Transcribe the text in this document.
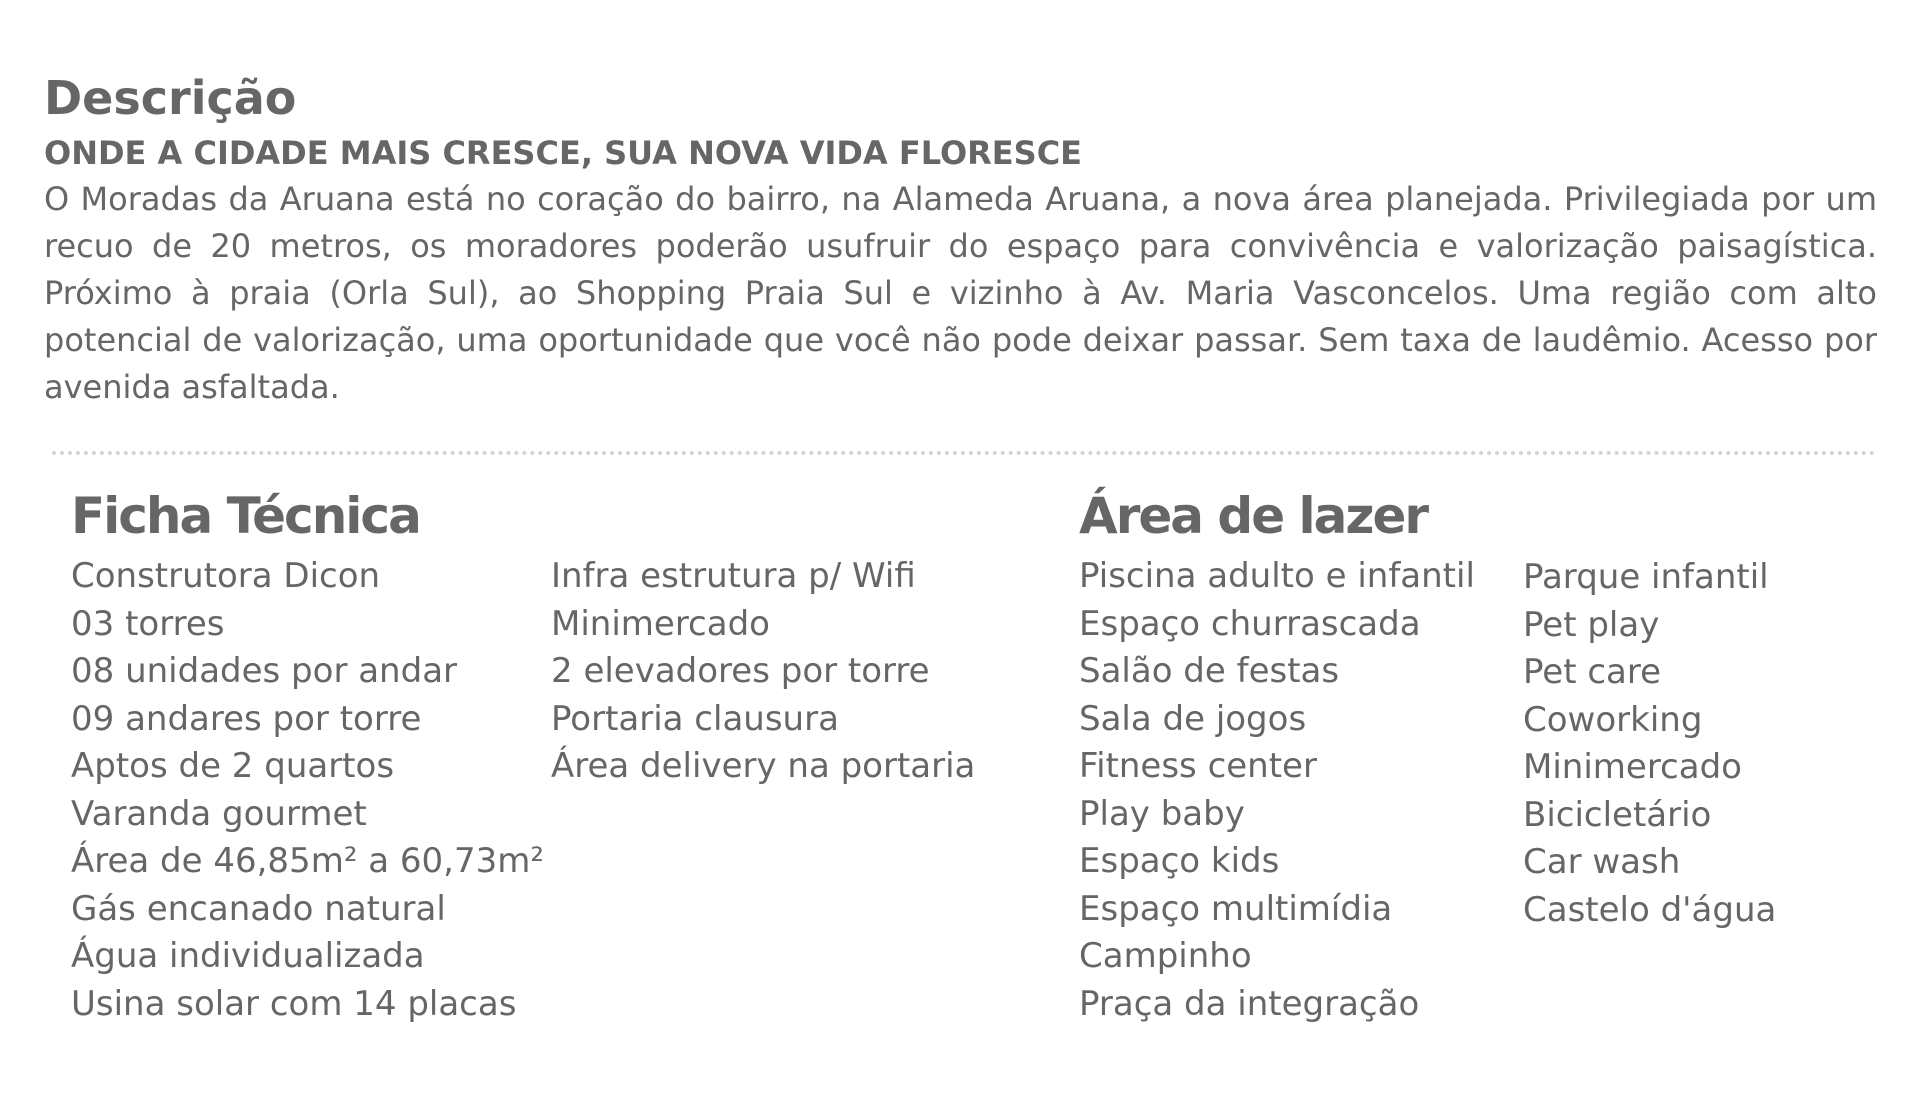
Descrição
ONDE A CIDADE MAIS CRESCE, SUA NOVA VIDA FLORESCE

O Moradas da Aruana está no coração do bairro, na Alameda Aruana, a nova área planejada. Privilegiada por um recuo de 20 metros, os moradores poderão usufruir do espaço para convivência e valorização paisagística. Próximo à praia (Orla Sul), ao Shopping Praia Sul e vizinho à Av. Maria Vasconcelos. Uma região com alto potencial de valorização, uma oportunidade que você não pode deixar passar. Sem taxa de laudêmio. Acesso por avenida asfaltada.

Ficha Técnica
Construtora Dicon
03 torres
08 unidades por andar
09 andares por torre
Aptos de 2 quartos
Varanda gourmet
Área de 46,85m² a 60,73m²
Gás encanado natural
Água individualizada
Usina solar com 14 placas
Infra estrutura p/ Wifi
Minimercado
2 elevadores por torre
Portaria clausura
Área delivery na portaria
Área de lazer
Piscina adulto e infantil
Espaço churrascada
Salão de festas
Sala de jogos
Fitness center
Play baby
Espaço kids
Espaço multimídia
Campinho
Praça da integração
Parque infantil
Pet play
Pet care
Coworking
Minimercado
Bicicletário
Car wash
Castelo d'água
